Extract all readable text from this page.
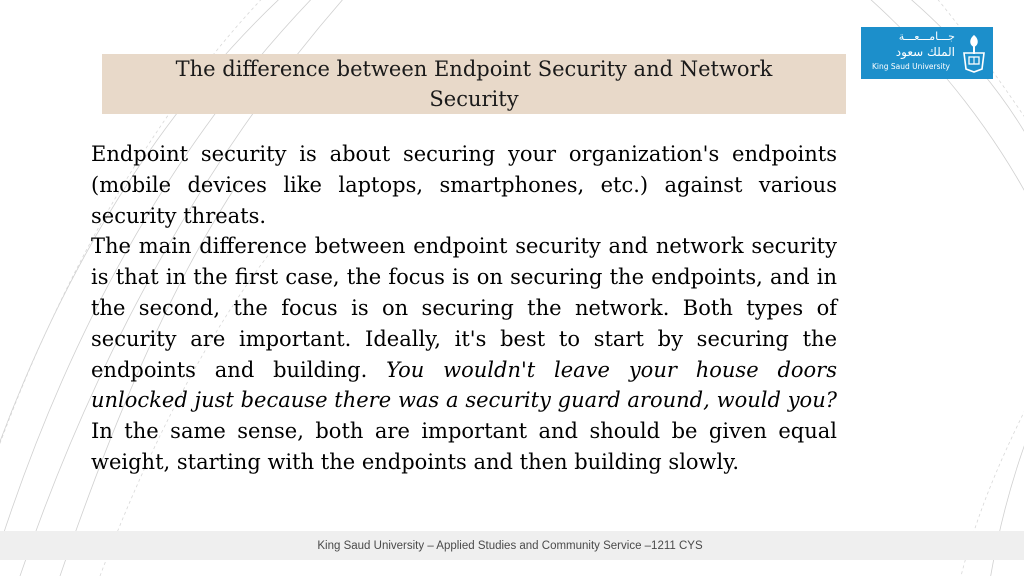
The difference between Endpoint Security and Network Security
جـــامـــعـــة
الملك سعود
King Saud University

Endpoint security is about securing your organization's endpoints (mobile devices like laptops, smartphones, etc.) against various security threats.

The main difference between endpoint security and network security is that in the first case, the focus is on securing the endpoints, and in the second, the focus is on securing the network. Both types of security are important. Ideally, it's best to start by securing the endpoints and building. You wouldn't leave your house doors unlocked just because there was a security guard around, would you? In the same sense, both are important and should be given equal weight, starting with the endpoints and then building slowly.

King Saud University – Applied Studies and Community Service –1211 CYS
